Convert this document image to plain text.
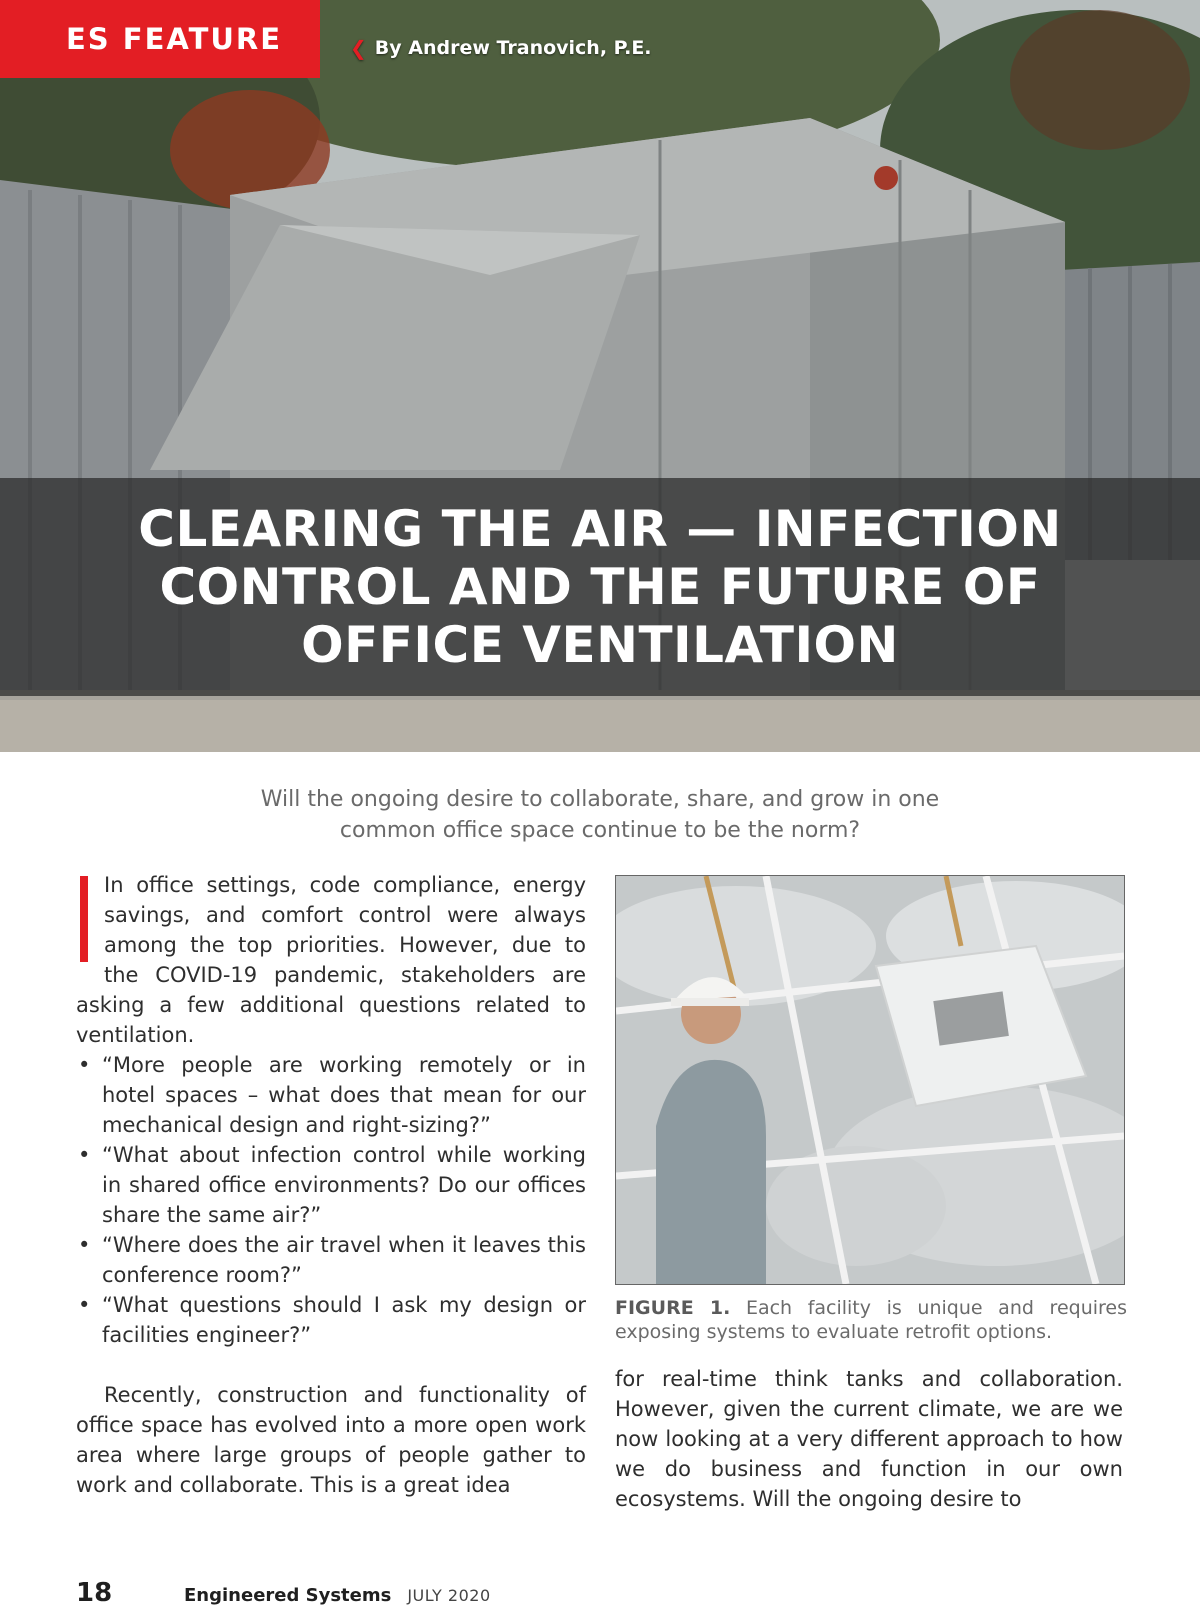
ES FEATURE	❮ By Andrew Tranovich, P.E.
CLEARING THE AIR — INFECTION
CONTROL AND THE FUTURE OF
OFFICE VENTILATION
Will the ongoing desire to collaborate, share, and grow in one
common office space continue to be the norm?
In office settings, code compliance, energy savings, and comfort control were always among the top priorities. However, due to the COVID-19 pandemic, stakeholders are asking a few additional questions related to ventilation.
• “More people are working remotely or in hotel spaces – what does that mean for our mechanical design and right-sizing?”
• “What about infection control while working in shared office environments? Do our offices share the same air?”
• “Where does the air travel when it leaves this conference room?”
• “What questions should I ask my design or facilities engineer?”
Recently, construction and functionality of office space has evolved into a more open work area where large groups of people gather to work and collaborate. This is a great idea
FIGURE 1. Each facility is unique and requires exposing systems to evaluate retrofit options.
for real-time think tanks and collaboration. However, given the current climate, we are we now looking at a very different approach to how we do business and function in our own ecosystems. Will the ongoing desire to
18	Engineered Systems JULY 2020
